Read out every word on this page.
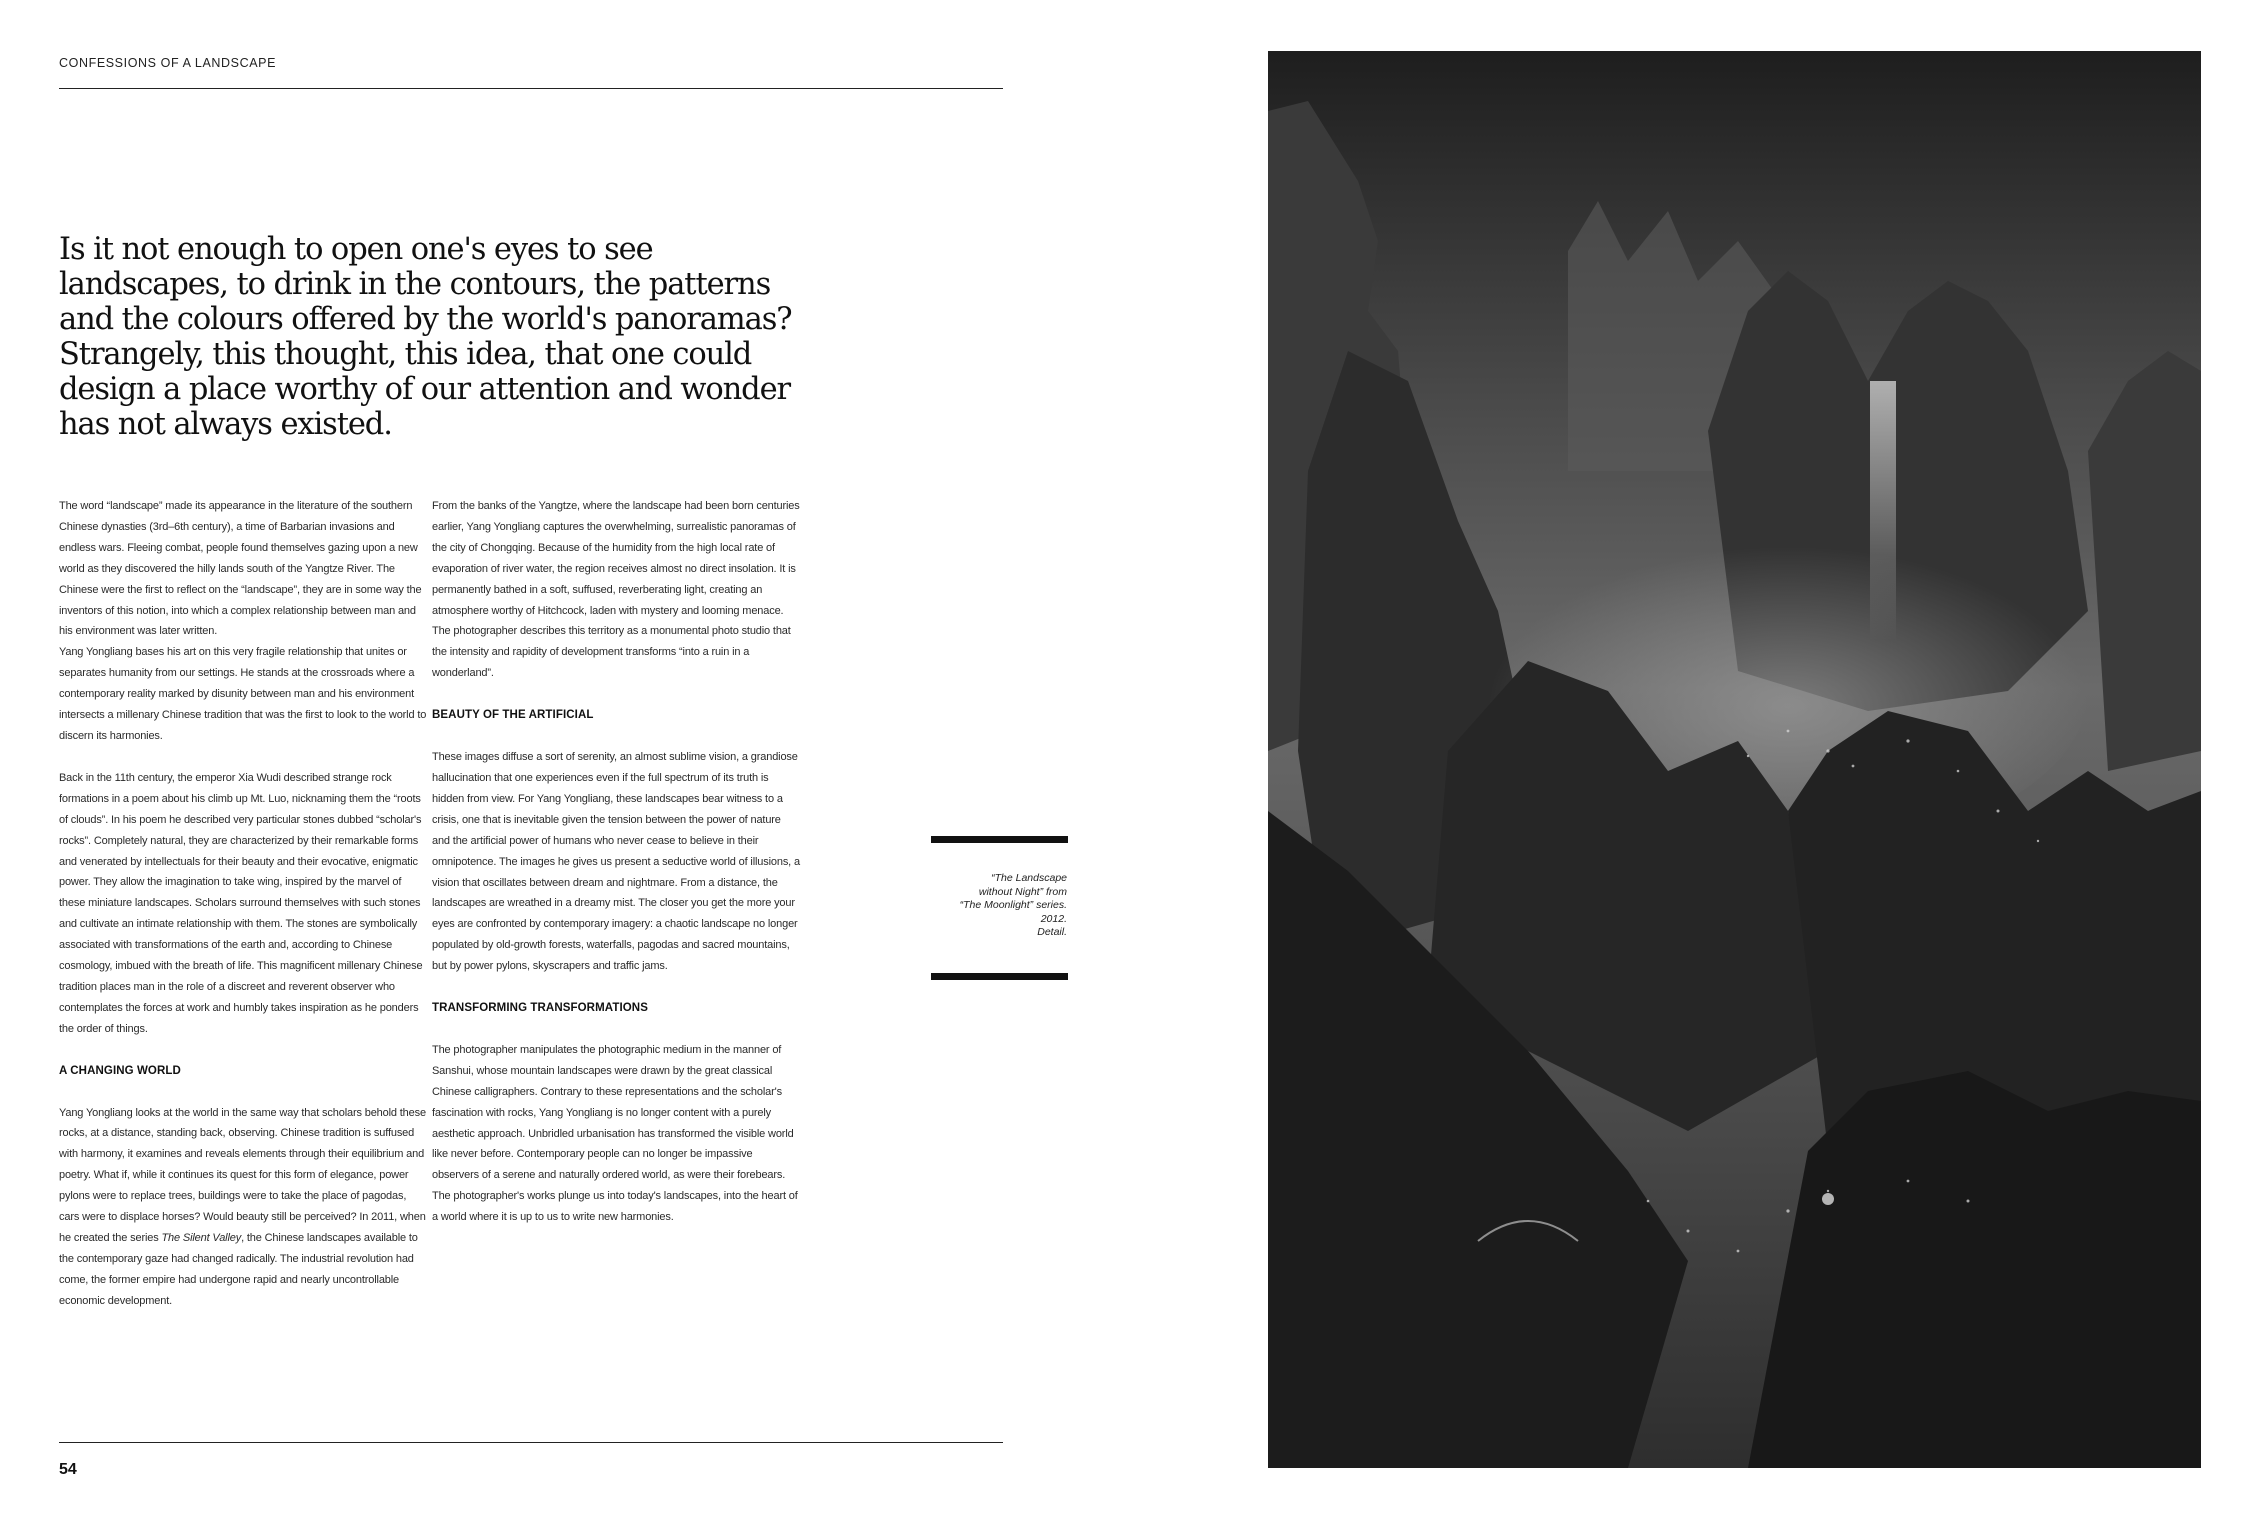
CONFESSIONS OF A LANDSCAPE
Is it not enough to open one's eyes to see landscapes, to drink in the contours, the patterns and the colours offered by the world's panoramas? Strangely, this thought, this idea, that one could design a place worthy of our attention and wonder has not always existed.

The word “landscape” made its appearance in the literature of the southern Chinese dynasties (3rd–6th century), a time of Barbarian invasions and endless wars. Fleeing combat, people found themselves gazing upon a new world as they discovered the hilly lands south of the Yangtze River. The Chinese were the first to reflect on the “landscape”, they are in some way the inventors of this notion, into which a complex relationship between man and his environment was later written.

Yang Yongliang bases his art on this very fragile relationship that unites or separates humanity from our settings. He stands at the crossroads where a contemporary reality marked by disunity between man and his environment intersects a millenary Chinese tradition that was the first to look to the world to discern its harmonies.

Back in the 11th century, the emperor Xia Wudi described strange rock formations in a poem about his climb up Mt. Luo, nicknaming them the “roots of clouds”. In his poem he described very particular stones dubbed “scholar's rocks”. Completely natural, they are characterized by their remarkable forms and venerated by intellectuals for their beauty and their evocative, enigmatic power. They allow the imagination to take wing, inspired by the marvel of these miniature landscapes. Scholars surround themselves with such stones and cultivate an intimate relationship with them. The stones are symbolically associated with transformations of the earth and, according to Chinese cosmology, imbued with the breath of life. This magnificent millenary Chinese tradition places man in the role of a discreet and reverent observer who contemplates the forces at work and humbly takes inspiration as he ponders the order of things.

A CHANGING WORLD

Yang Yongliang looks at the world in the same way that scholars behold these rocks, at a distance, standing back, observing. Chinese tradition is suffused with harmony, it examines and reveals elements through their equilibrium and poetry. What if, while it continues its quest for this form of elegance, power pylons were to replace trees, buildings were to take the place of pagodas, cars were to displace horses? Would beauty still be perceived? In 2011, when he created the series The Silent Valley, the Chinese landscapes available to the contemporary gaze had changed radically. The industrial revolution had come, the former empire had undergone rapid and nearly uncontrollable economic development.

From the banks of the Yangtze, where the landscape had been born centuries earlier, Yang Yongliang captures the overwhelming, surrealistic panoramas of the city of Chongqing. Because of the humidity from the high local rate of evaporation of river water, the region receives almost no direct insolation. It is permanently bathed in a soft, suffused, reverberating light, creating an atmosphere worthy of Hitchcock, laden with mystery and looming menace. The photographer describes this territory as a monumental photo studio that the intensity and rapidity of development transforms “into a ruin in a wonderland”.

BEAUTY OF THE ARTIFICIAL

These images diffuse a sort of serenity, an almost sublime vision, a grandiose hallucination that one experiences even if the full spectrum of its truth is hidden from view. For Yang Yongliang, these landscapes bear witness to a crisis, one that is inevitable given the tension between the power of nature and the artificial power of humans who never cease to believe in their omnipotence. The images he gives us present a seductive world of illusions, a vision that oscillates between dream and nightmare. From a distance, the landscapes are wreathed in a dreamy mist. The closer you get the more your eyes are confronted by contemporary imagery: a chaotic landscape no longer populated by old-growth forests, waterfalls, pagodas and sacred mountains, but by power pylons, skyscrapers and traffic jams.

TRANSFORMING TRANSFORMATIONS

The photographer manipulates the photographic medium in the manner of Sanshui, whose mountain landscapes were drawn by the great classical Chinese calligraphers. Contrary to these representations and the scholar's fascination with rocks, Yang Yongliang is no longer content with a purely aesthetic approach. Unbridled urbanisation has transformed the visible world like never before. Contemporary people can no longer be impassive observers of a serene and naturally ordered world, as were their forebears. The photographer's works plunge us into today's landscapes, into the heart of a world where it is up to us to write new harmonies.

“The Landscape
without Night” from
“The Moonlight” series.
2012.
Detail.
54
